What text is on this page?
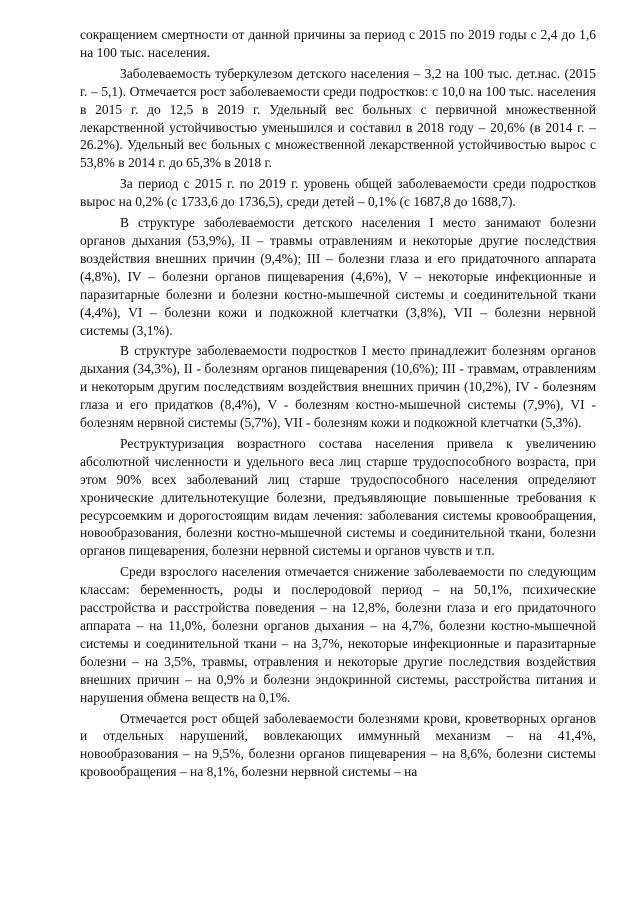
сокращением смертности от данной причины за период с 2015 по 2019 годы с 2,4 до 1,6 на 100 тыс. населения.

Заболеваемость туберкулезом детского населения – 3,2 на 100 тыс. дет.нас. (2015 г. – 5,1). Отмечается рост заболеваемости среди подростков: с 10,0 на 100 тыс. населения в 2015 г. до 12,5 в 2019 г. Удельный вес больных с первичной множественной лекарственной устойчивостью уменьшился и составил в 2018 году – 20,6% (в 2014 г. – 26.2%). Удельный вес больных с множественной лекарственной устойчивостью вырос с 53,8% в 2014 г. до 65,3% в 2018 г.

За период с 2015 г. по 2019 г. уровень общей заболеваемости среди подростков вырос на 0,2% (с 1733,6 до 1736,5), среди детей – 0,1% (с 1687,8 до 1688,7).

В структуре заболеваемости детского населения I место занимают болезни органов дыхания (53,9%), II – травмы отравлениям и некоторые другие последствия воздействия внешних причин (9,4%); III – болезни глаза и его придаточного аппарата (4,8%), IV – болезни органов пищеварения (4,6%), V – некоторые инфекционные и паразитарные болезни и болезни костно-мышечной системы и соединительной ткани (4,4%), VI – болезни кожи и подкожной клетчатки (3,8%), VII – болезни нервной системы (3,1%).

В структуре заболеваемости подростков I место принадлежит болезням органов дыхания (34,3%), II - болезням органов пищеварения (10,6%); III - травмам, отравлениям и некоторым другим последствиям воздействия внешних причин (10,2%), IV - болезням глаза и его придатков (8,4%), V - болезням костно-мышечной системы (7,9%), VI - болезням нервной системы (5,7%), VII - болезням кожи и подкожной клетчатки (5,3%).

Реструктуризация возрастного состава населения привела к увеличению абсолютной численности и удельного веса лиц старше трудоспособного возраста, при этом 90% всех заболеваний лиц старше трудоспособного населения определяют хронические длительнотекущие болезни, предъявляющие повышенные требования к ресурсоемким и дорогостоящим видам лечения: заболевания системы кровообращения, новообразования, болезни костно-мышечной системы и соединительной ткани, болезни органов пищеварения, болезни нервной системы и органов чувств и т.п.

Среди взрослого населения отмечается снижение заболеваемости по следующим классам: беременность, роды и послеродовой период – на 50,1%, психические расстройства и расстройства поведения – на 12,8%, болезни глаза и его придаточного аппарата – на 11,0%, болезни органов дыхания – на 4,7%, болезни костно-мышечной системы и соединительной ткани – на 3,7%, некоторые инфекционные и паразитарные болезни – на 3,5%, травмы, отравления и некоторые другие последствия воздействия внешних причин – на 0,9% и болезни эндокринной системы, расстройства питания и нарушения обмена веществ на 0,1%.

Отмечается рост общей заболеваемости болезнями крови, кроветворных органов и отдельных нарушений, вовлекающих иммунный механизм – на 41,4%, новообразования – на 9,5%, болезни органов пищеварения – на 8,6%, болезни системы кровообращения – на 8,1%, болезни нервной системы – на
